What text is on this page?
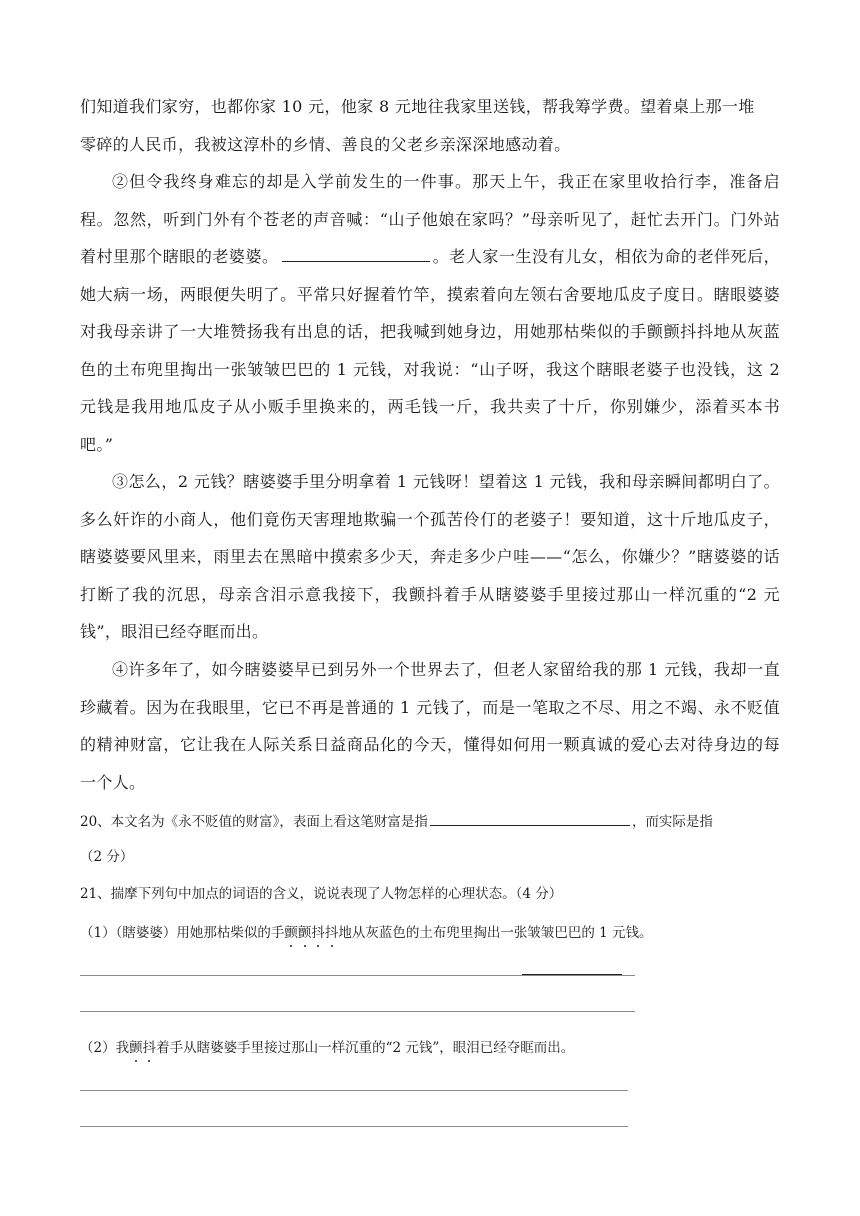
们知道我们家穷，也都你家 10 元，他家 8 元地往我家里送钱，帮我筹学费。望着桌上那一堆
零碎的人民币，我被这淳朴的乡情、善良的父老乡亲深深地感动着。
②但令我终身难忘的却是入学前发生的一件事。那天上午，我正在家里收拾行李，准备启程。忽然，听到门外有个苍老的声音喊：“山子他娘在家吗？”母亲听见了，赶忙去开门。门外站着村里那个瞎眼的老婆婆。	。老人家一生没有儿女，相依为命的老伴死后，她大病一场，两眼便失明了。平常只好握着竹竿，摸索着向左领右舍要地瓜皮子度日。瞎眼婆婆对我母亲讲了一大堆赞扬我有出息的话，把我喊到她身边，用她那枯柴似的手颤颤抖抖地从灰蓝色的土布兜里掏出一张皱皱巴巴的 1 元钱，对我说：“山子呀，我这个瞎眼老婆子也没钱，这 2 元钱是我用地瓜皮子从小贩手里换来的，两毛钱一斤，我共卖了十斤，你别嫌少，添着买本书吧。”
③怎么，2 元钱？瞎婆婆手里分明拿着 1 元钱呀！望着这 1 元钱，我和母亲瞬间都明白了。多么奸诈的小商人，他们竟伤天害理地欺骗一个孤苦伶仃的老婆子！要知道，这十斤地瓜皮子，瞎婆婆要风里来，雨里去在黑暗中摸索多少天，奔走多少户哇——“怎么，你嫌少？”瞎婆婆的话打断了我的沉思，母亲含泪示意我接下，我颤抖着手从瞎婆婆手里接过那山一样沉重的“2 元钱”，眼泪已经夺眶而出。
④许多年了，如今瞎婆婆早已到另外一个世界去了，但老人家留给我的那 1 元钱，我却一直珍藏着。因为在我眼里，它已不再是普通的 1 元钱了，而是一笔取之不尽、用之不竭、永不贬值的精神财富，它让我在人际关系日益商品化的今天，懂得如何用一颗真诚的爱心去对待身边的每一个人。
20、本文名为《永不贬值的财富》，表面上看这笔财富是指	，而实际是指
（2 分）
21、揣摩下列句中加点的词语的含义，说说表现了人物怎样的心理状态。（4 分）
（1）（瞎婆婆）用她那枯柴似的手颤颤抖抖地从灰蓝色的土布兜里掏出一张皱皱巴巴的 1 元钱。
（2）我颤抖着手从瞎婆婆手里接过那山一样沉重的“2 元钱”，眼泪已经夺眶而出。
